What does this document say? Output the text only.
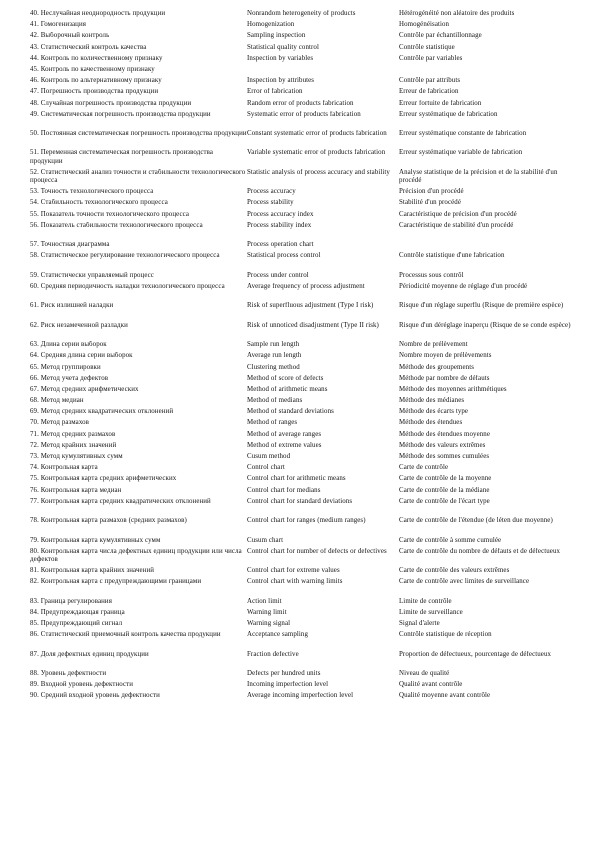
40. Неслучайная неоднородность продукции	Nonrandom heterogeneity of products	Hétérogénéité non aléatoire des produits
41. Гомогенизация	Homogenization	Homogénéisation
42. Выборочный контроль	Sampling inspection	Contrôle par échantillonnage
43. Статистический контроль качества	Statistical quality control	Contrôle statistique
44. Контроль по количественному признаку	Inspection by variables	Contrôle par variables
45. Контроль по качественному признаку		
46. Контроль по альтернативному признаку	Inspection by attributes	Contrôle par attributs
47. Погрешность производства продукции	Error of fabrication	Erreur de fabrication
48. Случайная погрешность производства продукции	Random error of products fabrication	Erreur fortuite de fabrication
49. Систематическая погрешность производства продукции	Systematic error of products fabrication	Erreur systématique de fabrication
50. Постоянная систематическая погрешность производства продукции	Constant systematic error of products fabrication	Erreur systématique constante de fabrication
51. Переменная систематическая погрешность производства продукции	Variable systematic error of products fabrication	Erreur systématique variable de fabrication
52. Статистический анализ точности и стабильности технологического процесса	Statistic analysis of process accuracy and stability	Analyse statistique de la précision et de la stabilité d'un procédé
53. Точность технологического процесса	Process accuracy	Précision d'un procédé
54. Стабильность технологического процесса	Process stability	Stabilité d'un procédé
55. Показатель точности технологического процесса	Process accuracy index	Caractéristique de précision d'un procédé
56. Показатель стабильности технологического процесса	Process stability index	Caractéristique de stabilité d'un procédé
57. Точностная диаграмма	Process operation chart	
58. Статистическое регулирование технологического процесса	Statistical process control	Contrôle statistique d'une fabrication
59. Статистически управляемый процесс	Process under control	Processus sous contrôl
60. Средняя периодичность наладки технологического процесса	Average frequency of process adjustment	Périodicité moyenne de réglage d'un procédé
61. Риск излишней наладки	Risk of superfluous adjustment (Type I risk)	Risque d'un réglage superflu (Risque de première espèce)
62. Риск незамеченной разладки	Risk of unnoticed disadjustment (Type II risk)	Risque d'un déréglage inaperçu (Risque de se conde espèce)
63. Длина серии выборок	Sample run length	Nombre de prélèvement
64. Средняя длина серии выборок	Average run length	Nombre moyen de prélèvements
65. Метод группировки	Clustering method	Méthode des groupements
66. Метод учета дефектов	Method of score of defects	Méthode par nombre de défauts
67. Метод средних арифметических	Method of arithmetic means	Méthode des moyennes arithmétiques
68. Метод медиан	Method of medians	Méthode des médianes
69. Метод средних квадратических отклонений	Method of standard deviations	Méthode des écarts type
70. Метод размахов	Method of ranges	Méthode des étendues
71. Метод средних размахов	Method of average ranges	Méthode des étendues moyenne
72. Метод крайних значений	Method of extreme values	Méthode des valeurs extrêmes
73. Метод кумулятивных сумм	Cusum method	Méthode des sommes cumulées
74. Контрольная карта	Control chart	Carte de contrôle
75. Контрольная карта средних арифметических	Control chart for arithmetic means	Carte de contrôle de la moyenne
76. Контрольная карта медиан	Control chart for medians	Carte de contrôle de la médiane
77. Контрольная карта средних квадратических отклонений	Control chart for standard deviations	Carte de contrôle de l'écart type
78. Контрольная карта размахов (средних размахов)	Control chart for ranges (medium ranges)	Carte de contrôle de l'étendue (de léten due moyenne)
79. Контрольная карта кумулятивных сумм	Cusum chart	Carte de contrôle à somme cumulée
80. Контрольная карта числа дефектных единиц продукции или числа дефектов	Control chart for number of defects or defectives	Carte de contrôle du nombre de défauts et de défectueux
81. Контрольная карта крайних значений	Control chart for extreme values	Carte de contrôle des valeurs extrêmes
82. Контрольная карта с предупреждающими границами	Control chart with warning limits	Carte de contrôle avec limites de surveillance
83. Граница регулирования	Action limit	Limite de contrôle
84. Предупреждающая граница	Warning limit	Limite de surveillance
85. Предупреждающий сигнал	Warning signal	Signal d'alerte
86. Статистический приемочный контроль качества продукции	Acceptance sampling	Contrôle statistique de réception
87. Доля дефектных единиц продукции	Fraction defective	Proportion de défectueux, pourcentage de défectueux
88. Уровень дефектности	Defects per hundred units	Niveau de qualité
89. Входной уровень дефектности	Incoming imperfection level	Qualité avant contrôle
90. Средний входной уровень дефектности	Average incoming imperfection level	Qualité moyenne avant contrôle
